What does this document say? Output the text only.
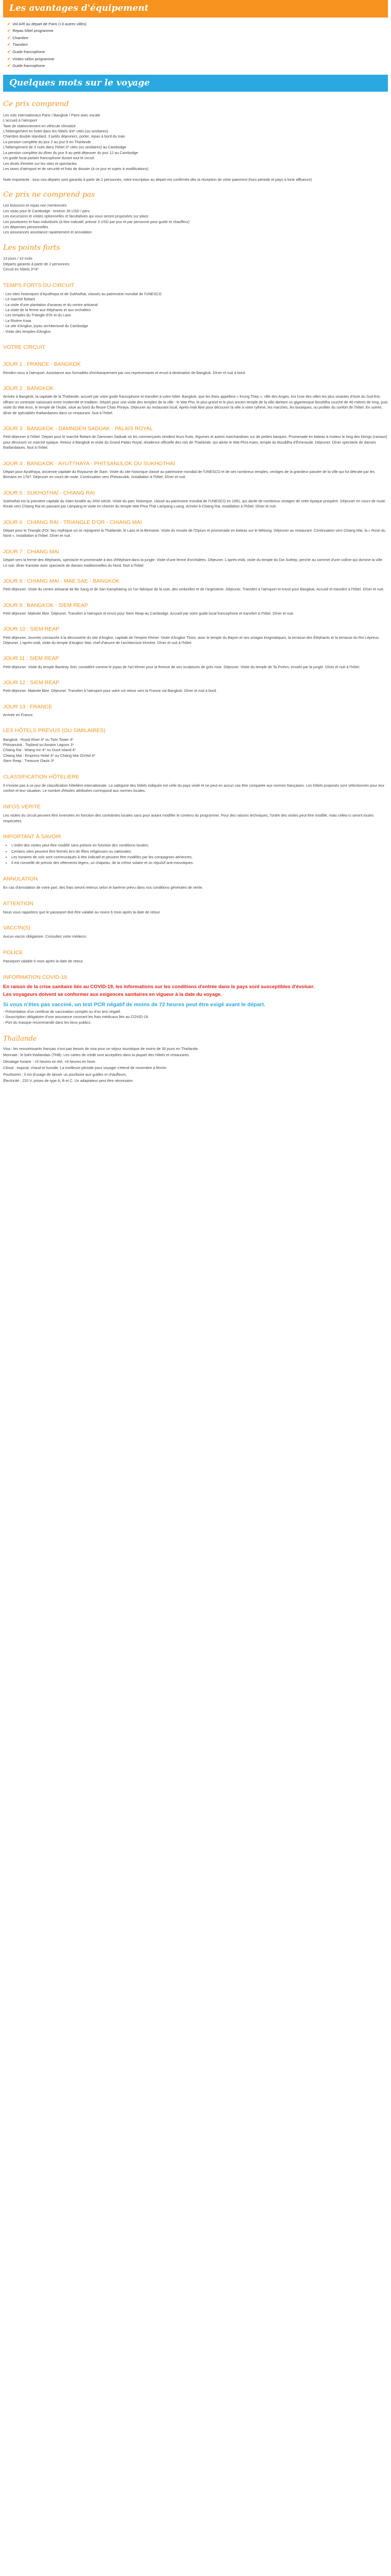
Les avantages d'équipement
✔ Vol A/R au départ de Paris (+3 autres villes)
✔ Repas hôtel programme
✔ Chambre
✔ Transfert
✔ Guide francophone
✔ Visites selon programme
✔ Guide francophone
Quelques mots sur le voyage
Ce prix comprend

Les vols internationaux Paris / Bangkok / Paris avec escale

L'accueil à l'aéroport

Taxe de stationnement en véhicule climatisé

L'hébergement en hotel dans les hôtels 3/4* cités (ou similaires)

Chambre double standard, 3 petits déjeuners, porter, repas à bord du train

La pension complète du jour 2 au jour 9 en Thaïlande

L'hébergement de 3 nuits dans l'hôtel 3* cités (ou similaires) au Cambodge

La pension complète du dîner du jour 9 au petit déjeuner du jour 12 au Cambodge

Un guide local parlant francophone durant tout le circuit

Les droits d'entrée sur les sites et spectacles

Les taxes d'aéroport et de sécurité et frais de dossier (à ce jour et sujets à modifications)

Note importante : tous nos départs sont garantis à partir de 2 personnes, votre inscription au départ est confirmée dès la réception de votre paiement (hors période et pays à forte affluence)

Ce prix ne comprend pas

Les boissons et repas non mentionnés

Les visas pour le Cambodge : environ 30 USD / pers

Les excursions et visites optionnelles et facultatives qui vous seront proposées sur place

Les pourboires et frais individuels (à titre indicatif, prévoir 3 USD par jour et par personne pour guide et chauffeur)

Les dépenses personnelles

Les assurances assistance rapatriement et annulation

Les points forts

13 jours / 10 nuits

Départs garantis à partir de 2 personnes

Circuit en hôtels 3*/4*

TEMPS FORTS DU CIRCUIT

- Les sites historiques d'Ayutthaya et de Sukhothai, classés au patrimoine mondial de l'UNESCO

- Le marché flottant

- La visite d'une plantation d'ananas et du centre artisanal

- La visite de la ferme aux éléphants et aux orchidées

- Les temples du Triangle d'Or et du Laos

- La Rivière Kwai

- Le site d'Angkor, joyau architectural du Cambodge

- Visite des temples d'Angkor

VOTRE CIRCUIT
JOUR 1 : FRANCE - BANGKOK

Rendez-vous à l'aéroport. Assistance aux formalités d'embarquement par nos représentants et envol à destination de Bangkok. Dîner et nuit à bord.

JOUR 2 : BANGKOK

Arrivée à Bangkok, la capitale de la Thaïlande, accueil par votre guide francophone et transfert à votre hôtel. Bangkok, que les thaïs appellent « Krung Thep », ville des Anges, est l'une des villes les plus vivantes d'Asie du Sud-Est, offrant un contraste saisissant entre modernité et tradition. Départ pour une visite des temples de la ville : le Wat Pho, le plus grand et le plus ancien temple de la ville abritant un gigantesque Bouddha couché de 46 mètres de long, puis visite du Wat Arun, le temple de l'Aube, situé au bord du fleuve Chao Phraya. Déjeuner au restaurant local. Après-midi libre pour découvrir la ville à votre rythme, les marchés, les boutiques, ou profiter du confort de l'hôtel. En soirée, dîner de spécialités thaïlandaises dans un restaurant. Nuit à l'hôtel.

JOUR 3 : BANGKOK - DAMNOEN SADUAK - PALAIS ROYAL

Petit déjeuner à l'hôtel. Départ pour le marché flottant de Damnoen Saduak où les commerçants vendent leurs fruits, légumes et autres marchandises sur de petites barques. Promenade en bateau à moteur le long des klongs (canaux) pour découvrir ce marché typique. Retour à Bangkok et visite du Grand Palais Royal, résidence officielle des rois de Thaïlande, qui abrite le Wat Phra Kaeo, temple du Bouddha d'Émeraude. Déjeuner. Dîner spectacle de danses thaïlandaises. Nuit à l'hôtel.

JOUR 4 : BANGKOK - AYUTTHAYA - PHITSANULOK OU SUKHOTHAÏ

Départ pour Ayutthaya, ancienne capitale du Royaume de Siam. Visite du site historique classé au patrimoine mondial de l'UNESCO et de ses nombreux temples, vestiges de la grandeur passée de la ville qui fut détruite par les Birmans en 1767. Déjeuner en cours de route. Continuation vers Phitsanulok. Installation à l'hôtel. Dîner et nuit.

JOUR 5 : SUKHOTHAÏ - CHIANG RAI

Sukhothaï est la première capitale du Siam fondée au XIIIe siècle. Visite du parc historique, classé au patrimoine mondial de l'UNESCO en 1991, qui abrite de nombreux vestiges de cette époque prospère. Déjeuner en cours de route. Route vers Chiang Rai en passant par Lampang et visite en chemin du temple Wat Phra That Lampang Luang. Arrivée à Chiang Rai, installation à l'hôtel. Dîner et nuit.

JOUR 6 : CHIANG RAI - TRIANGLE D'OR - CHIANG MAI

Départ pour le Triangle d'Or, lieu mythique où se rejoignent la Thaïlande, le Laos et la Birmanie. Visite du musée de l'Opium et promenade en bateau sur le Mékong. Déjeuner au restaurant. Continuation vers Chiang Mai, la « Rose du Nord ». Installation à l'hôtel. Dîner et nuit.

JOUR 7 : CHIANG MAI

Départ vers la ferme des éléphants, spectacle et promenade à dos d'éléphant dans la jungle. Visite d'une ferme d'orchidées. Déjeuner. L'après-midi, visite du temple du Doi Suthep, perché au sommet d'une colline qui domine la ville. Le soir, dîner Kantoke avec spectacle de danses traditionnelles du Nord. Nuit à l'hôtel.

JOUR 8 : CHIANG MAI - MAE SAE - BANGKOK

Petit déjeuner. Visite du centre artisanal de Bo Sang et de San Kamphaeng où l'on fabrique de la soie, des ombrelles et de l'argenterie. Déjeuner. Transfert à l'aéroport et envol pour Bangkok. Accueil et transfert à l'hôtel. Dîner et nuit.

JOUR 9 : BANGKOK - SIEM REAP

Petit déjeuner. Matinée libre. Déjeuner. Transfert à l'aéroport et envol pour Siem Reap au Cambodge. Accueil par votre guide local francophone et transfert à l'hôtel. Dîner et nuit.

JOUR 10 : SIEM REAP

Petit déjeuner. Journée consacrée à la découverte du site d'Angkor, capitale de l'empire Khmer. Visite d'Angkor Thom, avec le temple du Bayon et ses visages énigmatiques, la terrasse des Éléphants et la terrasse du Roi Lépreux. Déjeuner. L'après-midi, visite du temple d'Angkor Wat, chef-d'œuvre de l'architecture khmère. Dîner et nuit à l'hôtel.

JOUR 11 : SIEM REAP

Petit déjeuner. Visite du temple Banteay Srei, considéré comme le joyau de l'art khmer pour la finesse de ses sculptures de grès rose. Déjeuner. Visite du temple de Ta Prohm, envahi par la jungle. Dîner et nuit à l'hôtel.

JOUR 12 : SIEM REAP

Petit déjeuner. Matinée libre. Déjeuner. Transfert à l'aéroport pour votre vol retour vers la France via Bangkok. Dîner et nuit à bord.

JOUR 13 : FRANCE

Arrivée en France.

LES HÔTELS PRÉVUS (OU SIMILAIRES)

Bangkok : Royal River 4* ou Twin Tower 4*

Phitsanulok : Topland ou Amarin Lagoon 3*

Chiang Rai : Wiang Inn 4* ou Dusit Island 4*

Chiang Mai : Empress Hotel 4* ou Chiang Mai Orchid 4*

Siem Reap : Treasure Oasis 3*

CLASSIFICATION HÔTELIÈRE

Il n'existe pas à ce jour de classification hôtelière internationale. La catégorie des hôtels indiquée est celle du pays visité et ne peut en aucun cas être comparée aux normes françaises. Les hôtels proposés sont sélectionnés pour leur confort et leur situation. Le nombre d'étoiles attribuées correspond aux normes locales.

INFOS VÉRITÉ

Les visites du circuit peuvent être inversées en fonction des contraintes locales sans pour autant modifier le contenu du programme. Pour des raisons techniques, l'ordre des visites peut être modifié, mais celles-ci seront toutes respectées.

IMPORTANT À SAVOIR
• L'ordre des visites peut être modifié sans préavis en fonction des conditions locales.
• Certains sites peuvent être fermés lors de fêtes religieuses ou nationales.
• Les horaires de vols sont communiqués à titre indicatif et peuvent être modifiés par les compagnies aériennes.
• Il est conseillé de prévoir des vêtements légers, un chapeau, de la crème solaire et un répulsif anti-moustiques.
ANNULATION

En cas d'annulation de votre part, des frais seront retenus selon le barème prévu dans nos conditions générales de vente.

ATTENTION

Nous vous rappelons que le passeport doit être valable au moins 6 mois après la date de retour.

VACCIN(S)

Aucun vaccin obligatoire. Consultez votre médecin.

POLICE

Passeport valable 6 mois après la date de retour.

INFORMATION COVID-19

En raison de la crise sanitaire liée au COVID-19, les informations sur les conditions d'entrée dans le pays sont susceptibles d'évoluer.

Les voyageurs doivent se conformer aux exigences sanitaires en vigueur à la date du voyage.

Si vous n'êtes pas vacciné, un test PCR négatif de moins de 72 heures peut être exigé avant le départ.

- Présentation d'un certificat de vaccination complet ou d'un test négatif.

- Souscription obligatoire d'une assurance couvrant les frais médicaux liés au COVID-19.

- Port du masque recommandé dans les lieux publics.

Thaïlande

Visa : les ressortissants français n'ont pas besoin de visa pour un séjour touristique de moins de 30 jours en Thaïlande.

Monnaie : le baht thaïlandais (THB). Les cartes de crédit sont acceptées dans la plupart des hôtels et restaurants.

Décalage horaire : +5 heures en été, +6 heures en hiver.

Climat : tropical, chaud et humide. La meilleure période pour voyager s'étend de novembre à février.

Pourboires : il est d'usage de laisser un pourboire aux guides et chauffeurs.

Électricité : 220 V, prises de type A, B et C. Un adaptateur peut être nécessaire.
